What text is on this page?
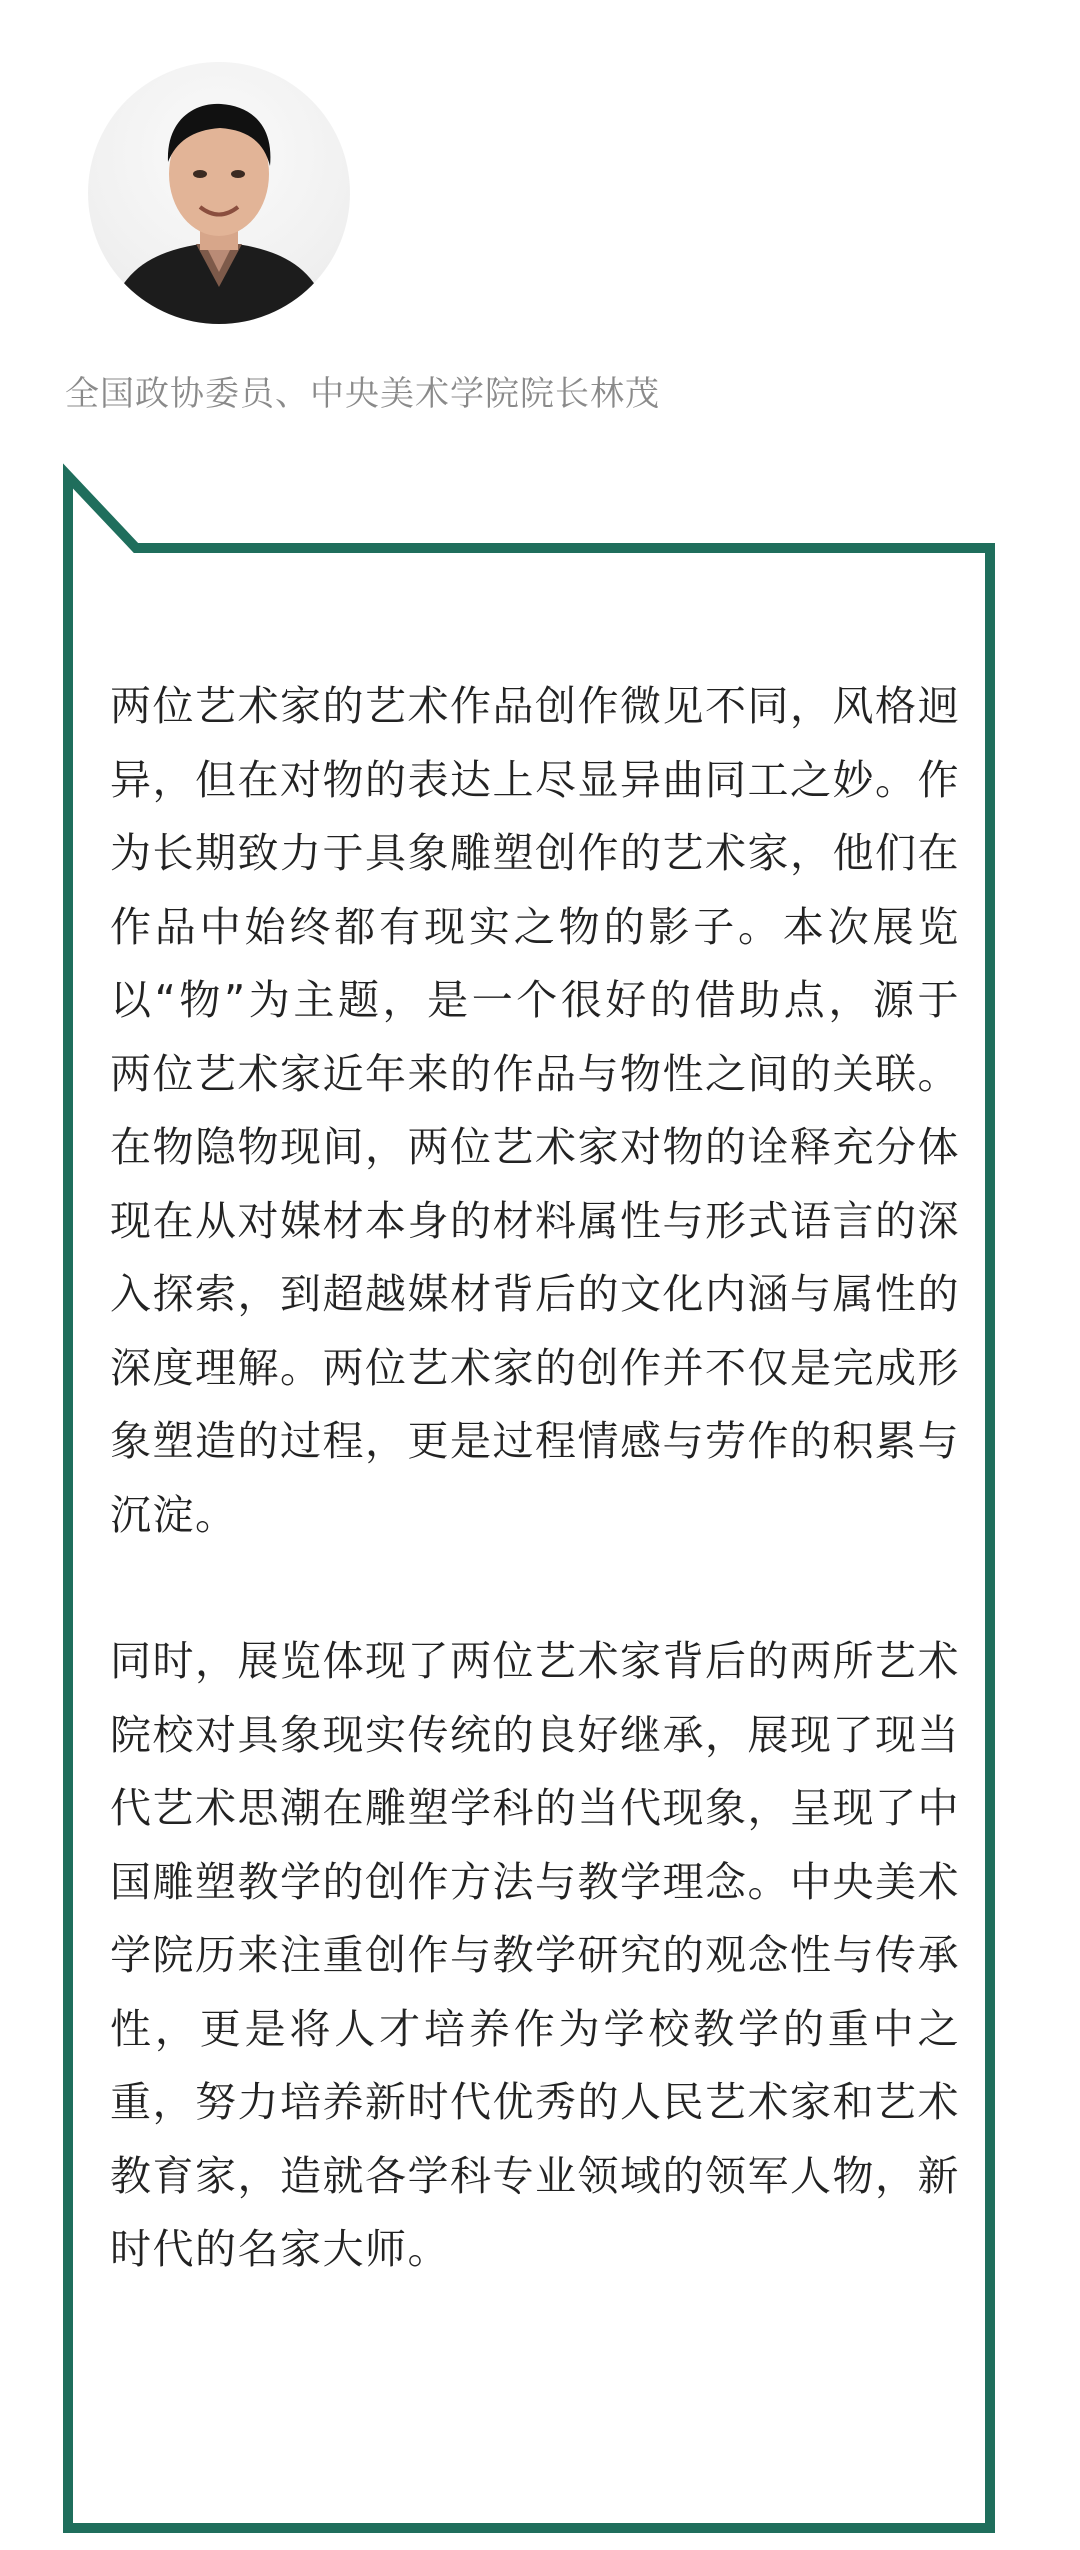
全国政协委员、中央美术学院院长林茂

两位艺术家的艺术作品创作微见不同，风格迥异，但在对物的表达上尽显异曲同工之妙。作为长期致力于具象雕塑创作的艺术家，他们在作品中始终都有现实之物的影子。本次展览以“物”为主题，是一个很好的借助点，源于两位艺术家近年来的作品与物性之间的关联。在物隐物现间，两位艺术家对物的诠释充分体现在从对媒材本身的材料属性与形式语言的深入探索，到超越媒材背后的文化内涵与属性的深度理解。两位艺术家的创作并不仅是完成形象塑造的过程，更是过程情感与劳作的积累与沉淀。

同时，展览体现了两位艺术家背后的两所艺术院校对具象现实传统的良好继承，展现了现当代艺术思潮在雕塑学科的当代现象，呈现了中国雕塑教学的创作方法与教学理念。中央美术学院历来注重创作与教学研究的观念性与传承性，更是将人才培养作为学校教学的重中之重，努力培养新时代优秀的人民艺术家和艺术教育家，造就各学科专业领域的领军人物，新时代的名家大师。
